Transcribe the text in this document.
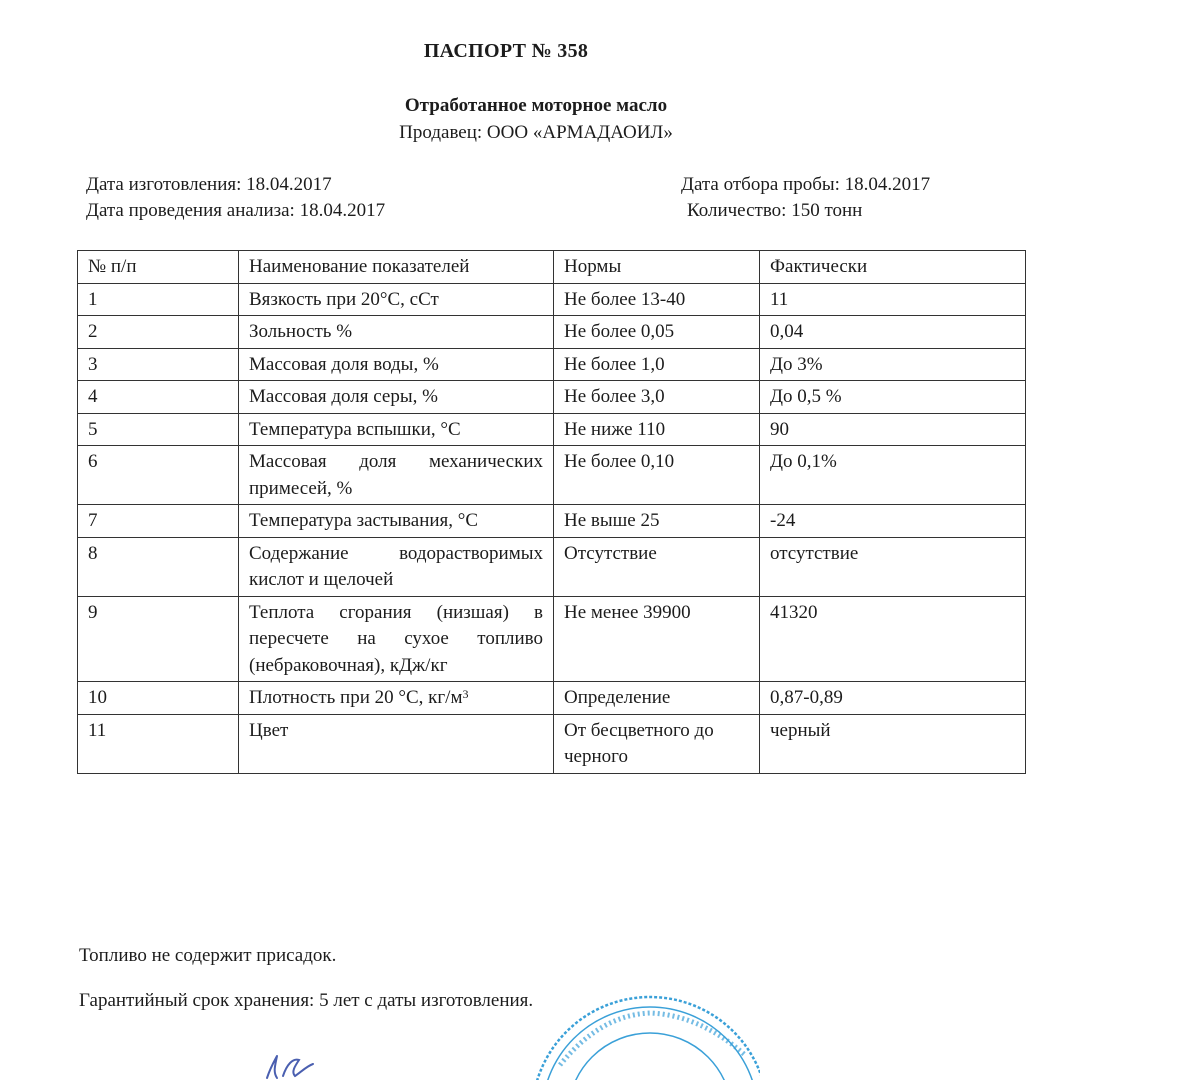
ПАСПОРТ № 358
Отработанное моторное масло
Продавец: ООО «АРМАДАОИЛ»
Дата изготовления: 18.04.2017	Дата отбора пробы: 18.04.2017
Дата проведения анализа: 18.04.2017	Количество: 150 тонн
№ п/п	Наименование показателей	Нормы	Фактически
1	Вязкость при 20°С, сСт	Не более 13-40	11
2	Зольность %	Не более 0,05	0,04
3	Массовая доля воды, %	Не более 1,0	До 3%
4	Массовая доля серы, %	Не более 3,0	До 0,5 %
5	Температура вспышки, °С	Не ниже 110	90
6	Массовая доля механических примесей, %	Не более 0,10	До 0,1%
7	Температура застывания, °С	Не выше 25	-24
8	Содержание водорастворимых кислот и щелочей	Отсутствие	отсутствие
9	Теплота сгорания (низшая) в пересчете на сухое топливо (небраковочная), кДж/кг	Не менее 39900	41320
10	Плотность при 20 °С, $кг/м^3$	Определение	0,87-0,89
11	Цвет	От бесцветного до черного	черный
Топливо не содержит присадок.
Гарантийный срок хранения: 5 лет с даты изготовления.
